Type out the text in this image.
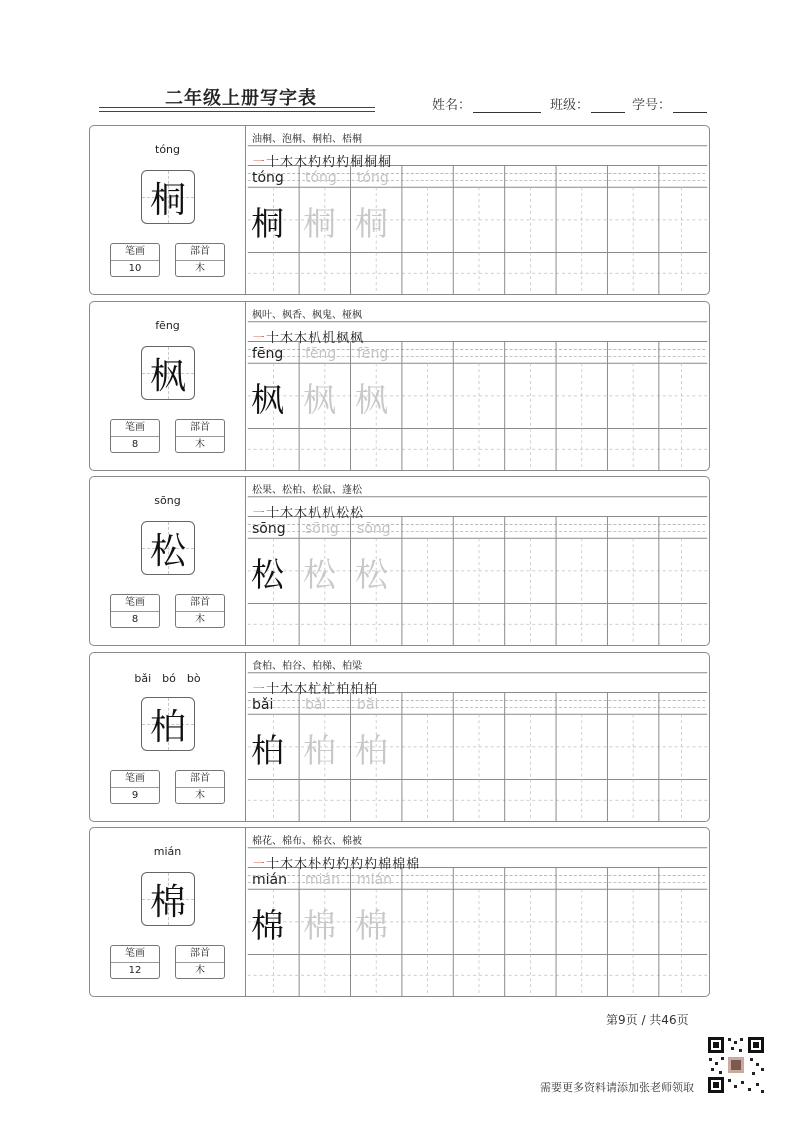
二年级上册写字表	姓名：	班级：	学号：
tóng
桐
笔画
10
部首
木
油桐、泡桐、桐柏、梧桐
㇐十木木杓杓杓桐桐桐
tóng tóng tóng
桐 桐 桐
fēng
枫
笔画
8
部首
木
枫叶、枫香、枫鬼、桠枫
㇐十木木朳机枫枫
fēng fēng fēng
枫 枫 枫
sōng
松
笔画
8
部首
木
松果、松柏、松鼠、蓬松
㇐十木木朳朳松松
sōng sōng sōng
松 松 松
bǎi　bó　bò
柏
笔画
9
部首
木
食柏、柏谷、柏梯、柏梁
㇐十木木杧杧柏柏柏
bǎi bǎi bǎi
柏 柏 柏
mián
棉
笔画
12
部首
木
棉花、棉布、棉衣、棉被
㇐十木木朴杓杓杓杓棉棉棉
mián mián mián
棉 棉 棉
第9页 / 共46页
需要更多资料请添加张老师领取
